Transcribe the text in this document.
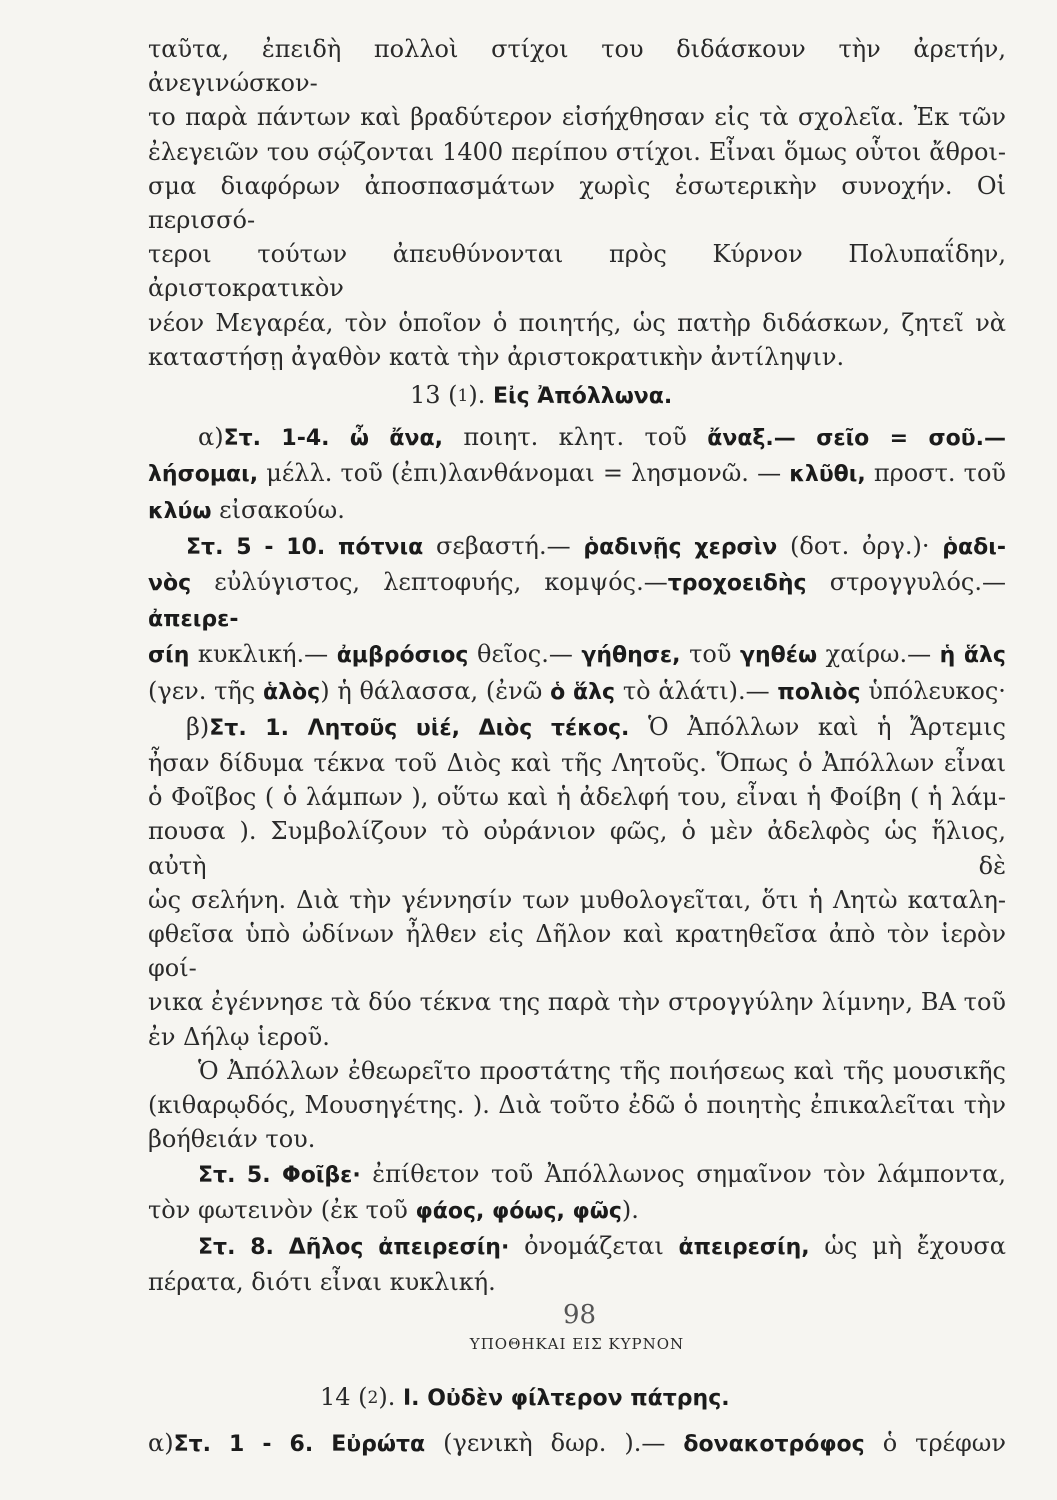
ταῦτα, ἐπειδὴ πολλοὶ στίχοι του διδάσκουν τὴν ἀρετήν, ἀνεγινώσκον-
το παρὰ πάντων καὶ βραδύτερον εἰσήχθησαν εἰς τὰ σχολεῖα. Ἐκ τῶν
ἐλεγειῶν του σῴζονται 1400 περίπου στίχοι. Εἶναι ὅμως οὗτοι ἄθροι-
σμα διαφόρων ἀποσπασμάτων χωρὶς ἐσωτερικὴν συνοχήν. Οἱ περισσό-
τεροι τούτων ἀπευθύνονται πρὸς Κύρνον Πολυπαΐδην, ἀριστοκρατικὸν
νέον Μεγαρέα, τὸν ὁποῖον ὁ ποιητής, ὡς πατὴρ διδάσκων, ζητεῖ νὰ
καταστήσῃ ἀγαθὸν κατὰ τὴν ἀριστοκρατικὴν ἀντίληψιν.
13 (1). Εἰς Ἀπόλλωνα.
α)Στ. 1-4. ὦ ἄνα, ποιητ. κλητ. τοῦ ἄναξ.— σεῖο = σοῦ.—
λήσομαι, μέλλ. τοῦ (ἐπι)λανθάνομαι = λησμονῶ. — κλῦθι, προστ. τοῦ
κλύω εἰσακούω.
Στ. 5 - 10. πότνια σεβαστή.— ῥαδινῇς χερσὶν (δοτ. ὀργ.)· ῥαδι-
νὸς εὐλύγιστος, λεπτοφυής, κομψός.—τροχοειδὴς στρογγυλός.—ἀπειρε-
σίη κυκλική.— ἀμβρόσιος θεῖος.— γήθησε, τοῦ γηθέω χαίρω.— ἡ ἅλς
(γεν. τῆς ἁλὸς) ἡ θάλασσα, (ἐνῶ ὁ ἅλς τὸ ἁλάτι).— πολιὸς ὑπόλευκος·
β)Στ. 1. Λητοῦς υἱέ, Διὸς τέκος. Ὁ Ἀπόλλων καὶ ἡ Ἄρτεμις
ἦσαν δίδυμα τέκνα τοῦ Διὸς καὶ τῆς Λητοῦς. Ὅπως ὁ Ἀπόλλων εἶναι
ὁ Φοῖβος ( ὁ λάμπων ), οὕτω καὶ ἡ ἀδελφή του, εἶναι ἡ Φοίβη ( ἡ λάμ-
πουσα ). Συμβολίζουν τὸ οὐράνιον φῶς, ὁ μὲν ἀδελφὸς ὡς ἥλιος, αὐτὴ δὲ
ὡς σελήνη. Διὰ τὴν γέννησίν των μυθολογεῖται, ὅτι ἡ Λητὼ καταλη-
φθεῖσα ὑπὸ ὠδίνων ἦλθεν εἰς Δῆλον καὶ κρατηθεῖσα ἀπὸ τὸν ἱερὸν φοί-
νικα ἐγέννησε τὰ δύο τέκνα της παρὰ τὴν στρογγύλην λίμνην, ΒΑ τοῦ
ἐν Δήλῳ ἱεροῦ.
Ὁ Ἀπόλλων ἐθεωρεῖτο προστάτης τῆς ποιήσεως καὶ τῆς μουσικῆς
(κιθαρῳδός, Μουσηγέτης. ). Διὰ τοῦτο ἐδῶ ὁ ποιητὴς ἐπικαλεῖται τὴν
βοήθειάν του.
Στ. 5. Φοῖβε· ἐπίθετον τοῦ Ἀπόλλωνος σημαῖνον τὸν λάμποντα,
τὸν φωτεινὸν (ἐκ τοῦ φάος, φόως, φῶς).
Στ. 8. Δῆλος ἀπειρεσίη· ὀνομάζεται ἀπειρεσίη, ὡς μὴ ἔχουσα
πέρατα, διότι εἶναι κυκλική.
ΥΠΟΘΗΚΑΙ ΕΙΣ ΚΥΡΝΟΝ
14 (2). Ι. Οὐδὲν φίλτερον πάτρης.
α)Στ. 1 - 6. Εὐρώτα (γενικὴ δωρ. ).— δονακοτρόφος ὁ τρέφων
98
